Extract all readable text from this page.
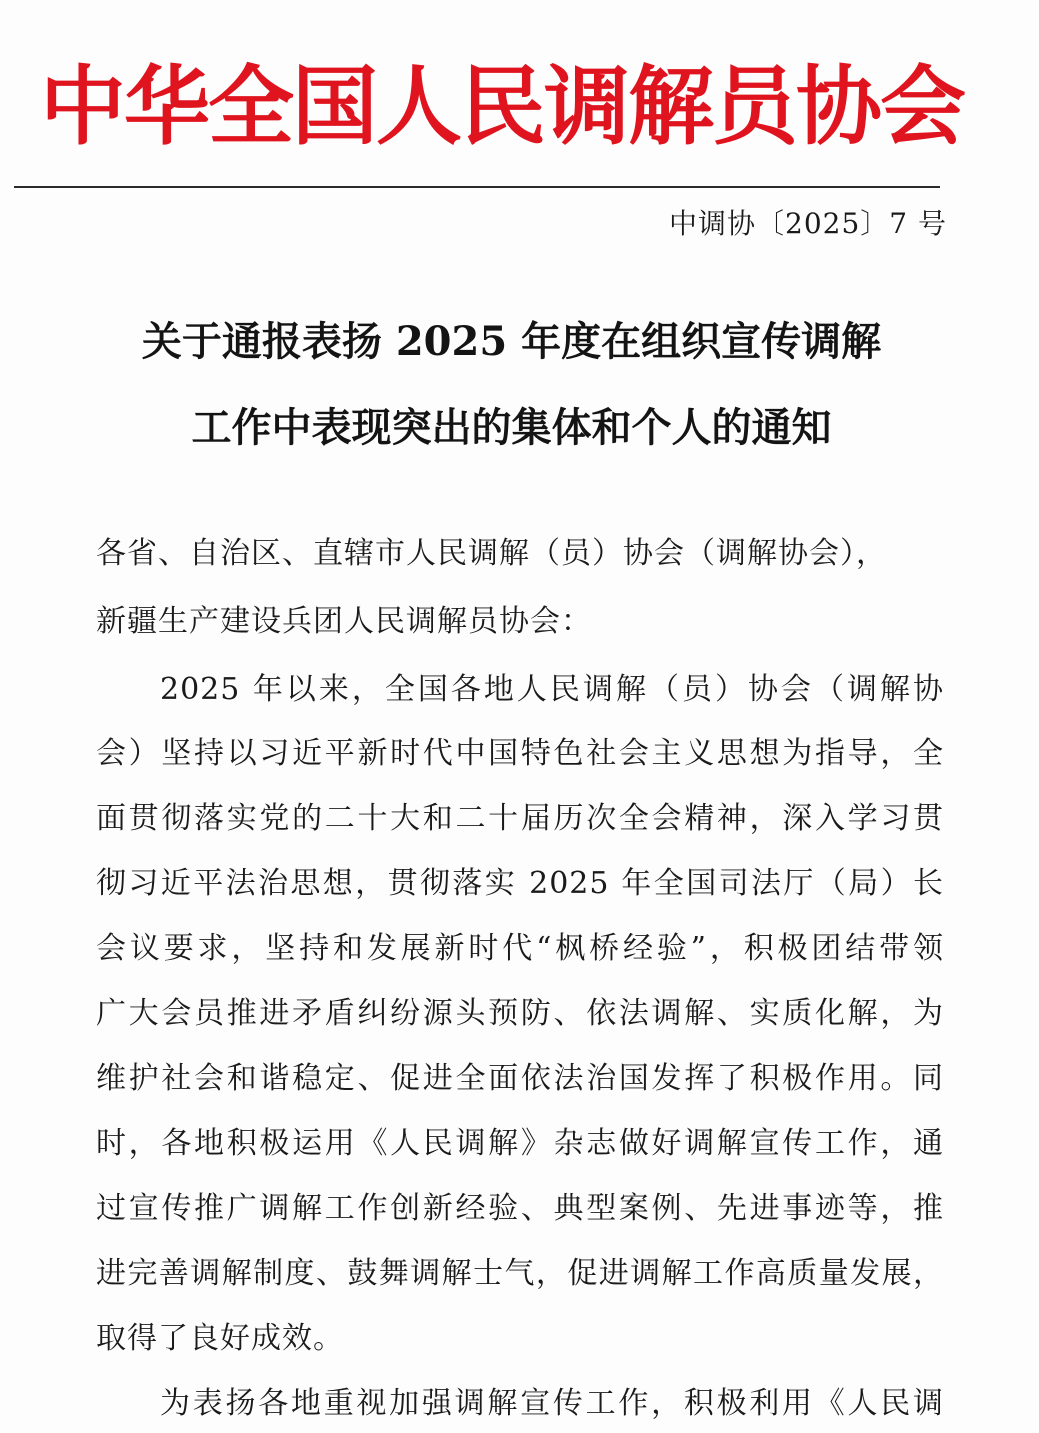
中华全国人民调解员协会
中调协〔2025〕7 号
关于通报表扬 2025 年度在组织宣传调解
工作中表现突出的集体和个人的通知
各省、自治区、直辖市人民调解（员）协会（调解协会），
新疆生产建设兵团人民调解员协会：
2025 年以来，全国各地人民调解（员）协会（调解协
会）坚持以习近平新时代中国特色社会主义思想为指导，全
面贯彻落实党的二十大和二十届历次全会精神，深入学习贯
彻习近平法治思想，贯彻落实 2025 年全国司法厅（局）长
会议要求，坚持和发展新时代“枫桥经验”，积极团结带领
广大会员推进矛盾纠纷源头预防、依法调解、实质化解，为
维护社会和谐稳定、促进全面依法治国发挥了积极作用。同
时，各地积极运用《人民调解》杂志做好调解宣传工作，通
过宣传推广调解工作创新经验、典型案例、先进事迹等，推
进完善调解制度、鼓舞调解士气，促进调解工作高质量发展，
取得了良好成效。
为表扬各地重视加强调解宣传工作，积极利用《人民调
